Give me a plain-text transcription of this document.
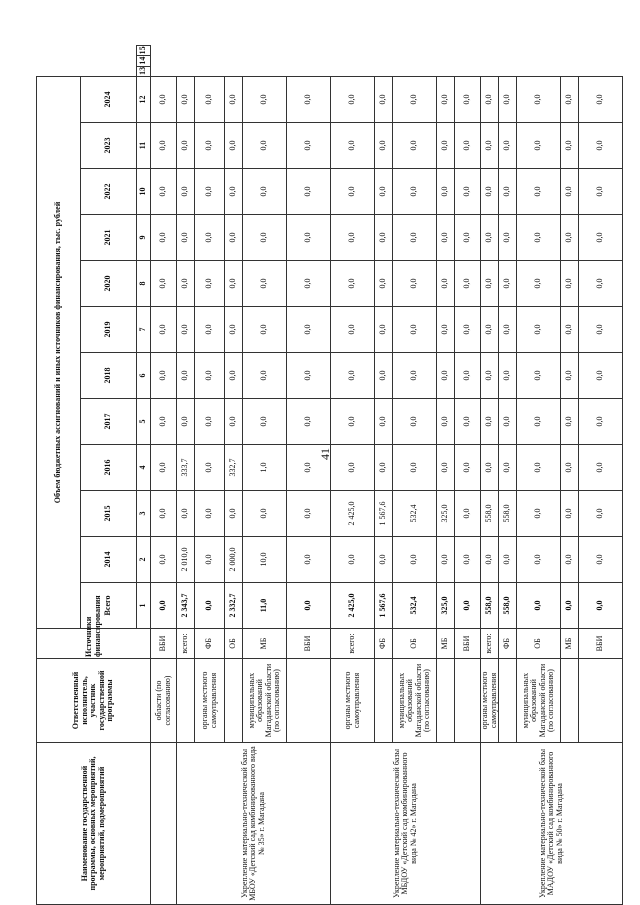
41
Наименование государственной программы, основных мероприятий, мероприятий, подмероприятий	Ответственный исполнитель, участник государственной программы	Источники финансирования	Объем бюджетных ассигнований и иных источников финансирования, тыс. рублей														
			Всего	2014	2015	2016	2017	2018	2019	2020	2021	2022	2023	2024			
			1	2	3	4	5	6	7	8	9	10	11	12	13	14	15
	области (по согласованию)	ВБИ	0,0	0,0	0,0	0,0	0,0	0,0	0,0	0,0	0,0	0,0	0,0	0,0			
Укрепление материально-технической базы МБОУ «Детский сад комбинированного вида № 35» г. Магадана		всего:	2 343,7	2 010,0	0,0	333,7	0,0	0,0	0,0	0,0	0,0	0,0	0,0	0,0			
	органы местного самоуправления	ФБ	0,0	0,0	0,0	0,0	0,0	0,0	0,0	0,0	0,0	0,0	0,0	0,0			
		ОБ	2 332,7	2 000,0	0,0	332,7	0,0	0,0	0,0	0,0	0,0	0,0	0,0	0,0			
	муниципальных образований Магаданской области (по согласованию)	МБ	11,0	10,0	0,0	1,0	0,0	0,0	0,0	0,0	0,0	0,0	0,0	0,0			
		ВБИ	0,0	0,0	0,0	0,0	0,0	0,0	0,0	0,0	0,0	0,0	0,0	0,0			
Укрепление материально-технической базы МБДОУ «Детский сад комбинированного вида № 42» г. Магадана	органы местного самоуправления	всего:	2 425,0	0,0	2 425,0	0,0	0,0	0,0	0,0	0,0	0,0	0,0	0,0	0,0			
		ФБ	1 567,6	0,0	1 567,6	0,0	0,0	0,0	0,0	0,0	0,0	0,0	0,0	0,0			
	муниципальных образований Магаданской области (по согласованию)	ОБ	532,4	0,0	532,4	0,0	0,0	0,0	0,0	0,0	0,0	0,0	0,0	0,0			
		МБ	325,0	0,0	325,0	0,0	0,0	0,0	0,0	0,0	0,0	0,0	0,0	0,0			
		ВБИ	0,0	0,0	0,0	0,0	0,0	0,0	0,0	0,0	0,0	0,0	0,0	0,0			
Укрепление материально-технической базы МАДОУ «Детский сад комбинированного вида № 50» г. Магадана	органы местного самоуправления	всего:	558,0	0,0	558,0	0,0	0,0	0,0	0,0	0,0	0,0	0,0	0,0	0,0			
		ФБ	558,0	0,0	558,0	0,0	0,0	0,0	0,0	0,0	0,0	0,0	0,0	0,0			
	муниципальных образований Магаданской области (по согласованию)	ОБ	0,0	0,0	0,0	0,0	0,0	0,0	0,0	0,0	0,0	0,0	0,0	0,0			
		МБ	0,0	0,0	0,0	0,0	0,0	0,0	0,0	0,0	0,0	0,0	0,0	0,0			
		ВБИ	0,0	0,0	0,0	0,0	0,0	0,0	0,0	0,0	0,0	0,0	0,0	0,0			
